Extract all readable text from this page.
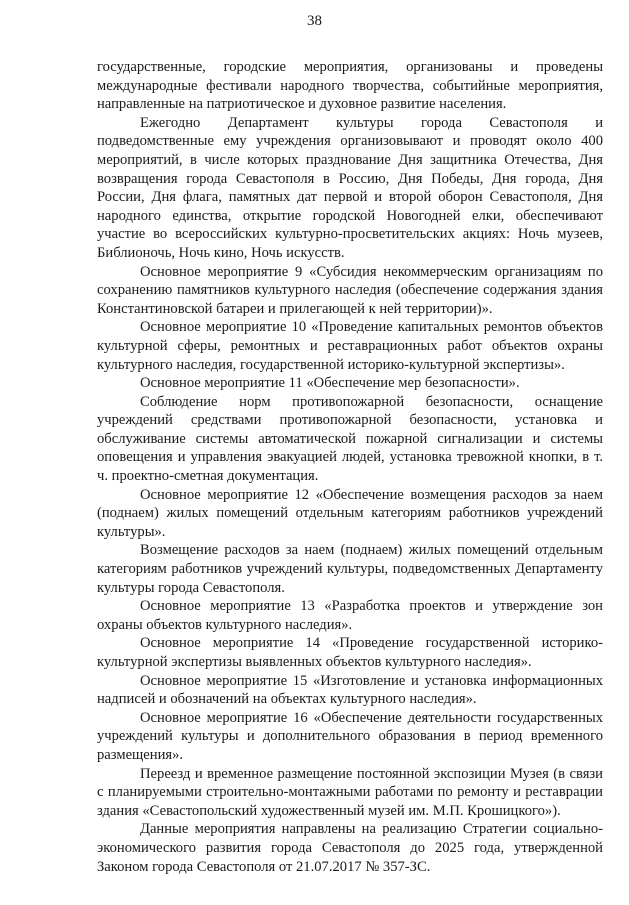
38

государственные, городские мероприятия, организованы и проведены международные фестивали народного творчества, событийные мероприятия, направленные на патриотическое и духовное развитие населения.

Ежегодно Департамент культуры города Севастополя и подведомственные ему учреждения организовывают и проводят около 400 мероприятий, в числе которых празднование Дня защитника Отечества, Дня возвращения города Севастополя в Россию, Дня Победы, Дня города, Дня России, Дня флага, памятных дат первой и второй оборон Севастополя, Дня народного единства, открытие городской Новогодней елки, обеспечивают участие во всероссийских культурно-просветительских акциях: Ночь музеев, Библионочь, Ночь кино, Ночь искусств.

Основное мероприятие 9 «Субсидия некоммерческим организациям по сохранению памятников культурного наследия (обеспечение содержания здания Константиновской батареи и прилегающей к ней территории)».

Основное мероприятие 10 «Проведение капитальных ремонтов объектов культурной сферы, ремонтных и реставрационных работ объектов охраны культурного наследия, государственной историко-культурной экспертизы».

Основное мероприятие 11 «Обеспечение мер безопасности».

Соблюдение норм противопожарной безопасности, оснащение учреждений средствами противопожарной безопасности, установка и обслуживание системы автоматической пожарной сигнализации и системы оповещения и управления эвакуацией людей, установка тревожной кнопки, в т. ч. проектно-сметная документация.

Основное мероприятие 12 «Обеспечение возмещения расходов за наем (поднаем) жилых помещений отдельным категориям работников учреждений культуры».

Возмещение расходов за наем (поднаем) жилых помещений отдельным категориям работников учреждений культуры, подведомственных Департаменту культуры города Севастополя.

Основное мероприятие 13 «Разработка проектов и утверждение зон охраны объектов культурного наследия».

Основное мероприятие 14 «Проведение государственной историко-культурной экспертизы выявленных объектов культурного наследия».

Основное мероприятие 15 «Изготовление и установка информационных надписей и обозначений на объектах культурного наследия».

Основное мероприятие 16 «Обеспечение деятельности государственных учреждений культуры и дополнительного образования в период временного размещения».

Переезд и временное размещение постоянной экспозиции Музея (в связи с планируемыми строительно-монтажными работами по ремонту и реставрации здания «Севастопольский художественный музей им. М.П. Крошицкого»).

Данные мероприятия направлены на реализацию Стратегии социально-экономического развития города Севастополя до 2025 года, утвержденной Законом города Севастополя от 21.07.2017 № 357-ЗС.
